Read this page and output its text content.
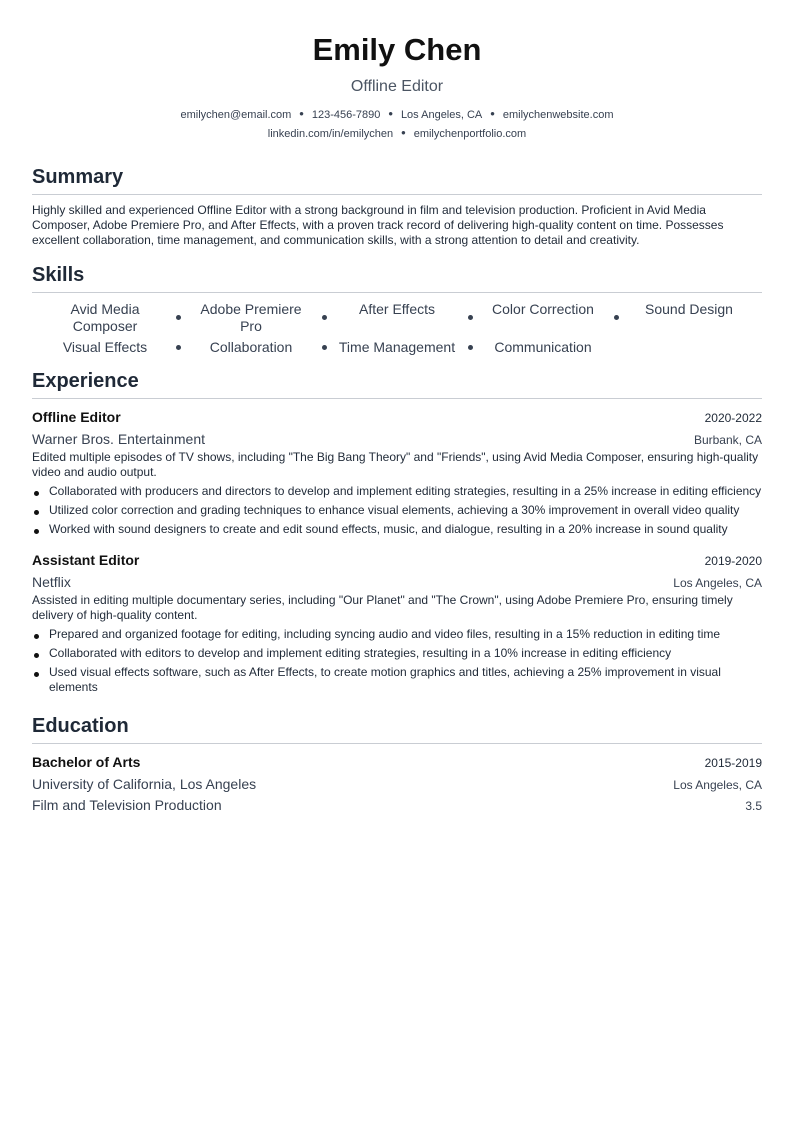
Emily Chen
Offline Editor
emilychen@email.com • 123-456-7890 • Los Angeles, CA • emilychenwebsite.com
linkedin.com/in/emilychen • emilychenportfolio.com
Summary
Highly skilled and experienced Offline Editor with a strong background in film and television production. Proficient in Avid Media Composer, Adobe Premiere Pro, and After Effects, with a proven track record of delivering high-quality content on time. Possesses excellent collaboration, time management, and communication skills, with a strong attention to detail and creativity.
Skills
Avid Media Composer
Adobe Premiere Pro
After Effects	Color Correction	Sound Design
Visual Effects	Collaboration	Time Management	Communication
Experience
Offline Editor	2020-2022
Warner Bros. Entertainment	Burbank, CA
Edited multiple episodes of TV shows, including "The Big Bang Theory" and "Friends", using Avid Media Composer, ensuring high-quality video and audio output.
Collaborated with producers and directors to develop and implement editing strategies, resulting in a 25% increase in editing efficiency
Utilized color correction and grading techniques to enhance visual elements, achieving a 30% improvement in overall video quality
Worked with sound designers to create and edit sound effects, music, and dialogue, resulting in a 20% increase in sound quality
Assistant Editor	2019-2020
Netflix	Los Angeles, CA
Assisted in editing multiple documentary series, including "Our Planet" and "The Crown", using Adobe Premiere Pro, ensuring timely delivery of high-quality content.
Prepared and organized footage for editing, including syncing audio and video files, resulting in a 15% reduction in editing time
Collaborated with editors to develop and implement editing strategies, resulting in a 10% increase in editing efficiency
Used visual effects software, such as After Effects, to create motion graphics and titles, achieving a 25% improvement in visual elements
Education
Bachelor of Arts	2015-2019
University of California, Los Angeles	Los Angeles, CA
Film and Television Production	3.5
